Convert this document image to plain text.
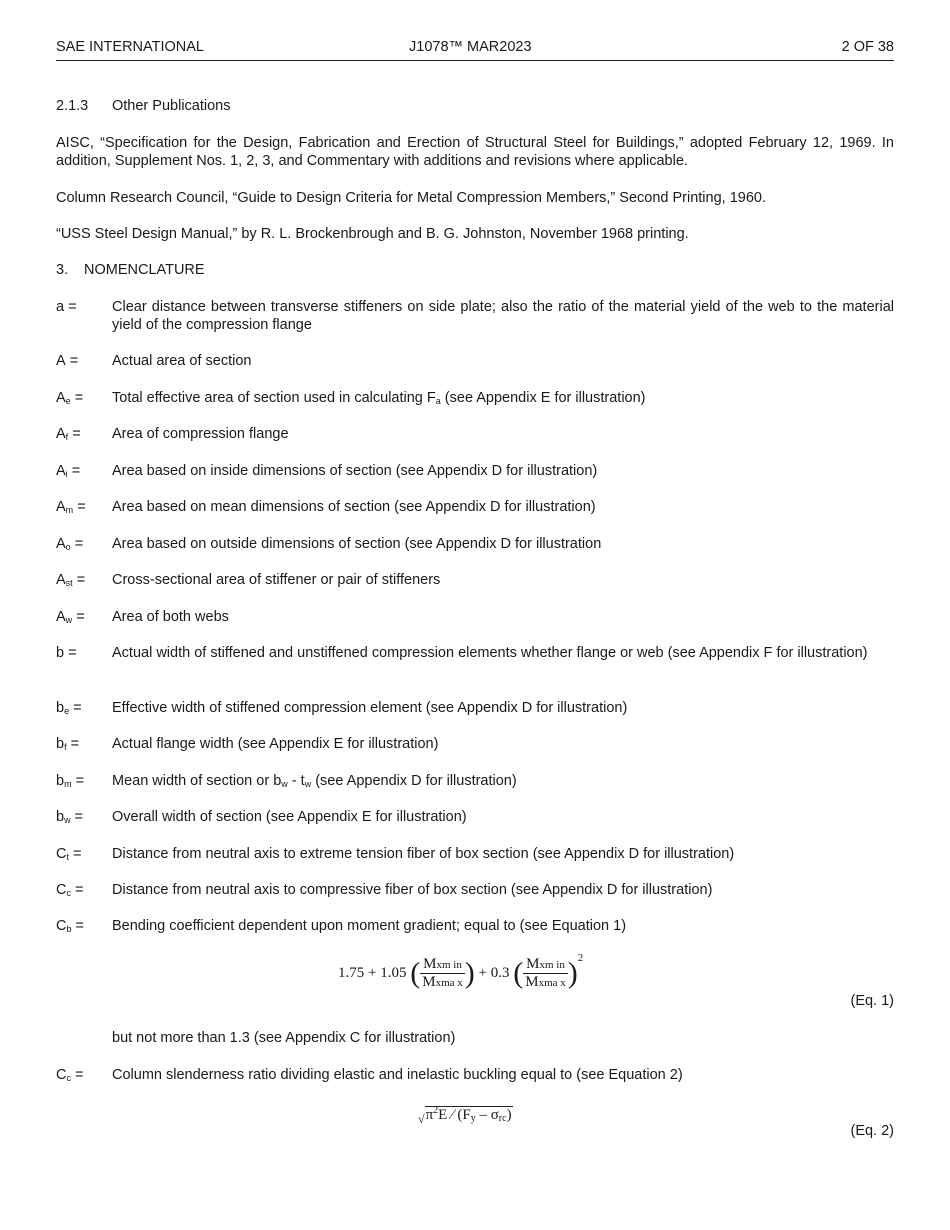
SAE INTERNATIONAL	J1078™ MAR2023	2 OF 38
2.1.3 Other Publications
AISC, “Specification for the Design, Fabrication and Erection of Structural Steel for Buildings,” adopted February 12, 1969. In addition, Supplement Nos. 1, 2, 3, and Commentary with additions and revisions where applicable.
Column Research Council, “Guide to Design Criteria for Metal Compression Members,” Second Printing, 1960.
“USS Steel Design Manual,” by R. L. Brockenbrough and B. G. Johnston, November 1968 printing.
3. NOMENCLATURE
a = Clear distance between transverse stiffeners on side plate; also the ratio of the material yield of the web to the material yield of the compression flange
A = Actual area of section
$A_e$ = Total effective area of section used in calculating $F_a$ (see Appendix E for illustration)
$A_f$ = Area of compression flange
$A_i$ = Area based on inside dimensions of section (see Appendix D for illustration)
$A_m$ = Area based on mean dimensions of section (see Appendix D for illustration)
$A_o$ = Area based on outside dimensions of section (see Appendix D for illustration
$A_{st}$ = Cross-sectional area of stiffener or pair of stiffeners
$A_w$ = Area of both webs
b = Actual width of stiffened and unstiffened compression elements whether flange or web (see Appendix F for illustration)
$b_e$ = Effective width of stiffened compression element (see Appendix D for illustration)
$b_f$ = Actual flange width (see Appendix E for illustration)
$b_m$ = Mean width of section or $b_w - t_w$ (see Appendix D for illustration)
$b_w$ = Overall width of section (see Appendix E for illustration)
$C_t$ = Distance from neutral axis to extreme tension fiber of box section (see Appendix D for illustration)
$C_c$ = Distance from neutral axis to compressive fiber of box section (see Appendix D for illustration)
$C_b$ = Bending coefficient dependent upon moment gradient; equal to (see Equation 1)
1.75 + 1.05 ( $\frac{\text{Mxm in}}{\text{Mxma x}}$ ) + 0.3 ( $\frac{\text{Mxm in}}{\text{Mxma x}} )^2$
(Eq. 1)
but not more than 1.3 (see Appendix C for illustration)
$C_c$ = Column slenderness ratio dividing elastic and inelastic buckling equal to (see Equation 2)
$_√\pi^2E$ ⁄ $(F_y - \sigma_{rc})$
(Eq. 2)
